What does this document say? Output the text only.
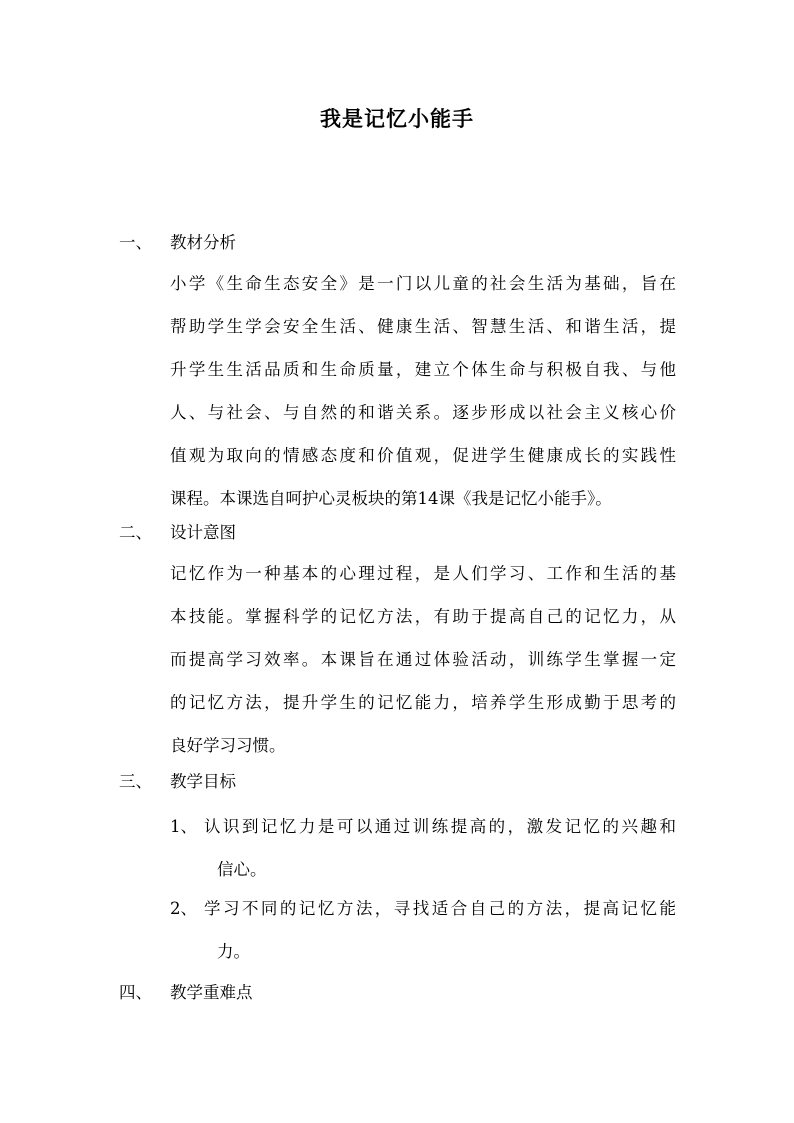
我是记忆小能手
一、 教材分析
小学《生命生态安全》是一门以儿童的社会生活为基础，旨在
帮助学生学会安全生活、健康生活、智慧生活、和谐生活，提
升学生生活品质和生命质量，建立个体生命与积极自我、与他
人、与社会、与自然的和谐关系。逐步形成以社会主义核心价
值观为取向的情感态度和价值观，促进学生健康成长的实践性
课程。本课选自呵护心灵板块的第14课《我是记忆小能手》。
二、 设计意图
记忆作为一种基本的心理过程，是人们学习、工作和生活的基
本技能。掌握科学的记忆方法，有助于提高自己的记忆力，从
而提高学习效率。本课旨在通过体验活动，训练学生掌握一定
的记忆方法，提升学生的记忆能力，培养学生形成勤于思考的
良好学习习惯。
三、 教学目标
1、 认识到记忆力是可以通过训练提高的，激发记忆的兴趣和
信心。
2、 学习不同的记忆方法，寻找适合自己的方法，提高记忆能
力。
四、 教学重难点
